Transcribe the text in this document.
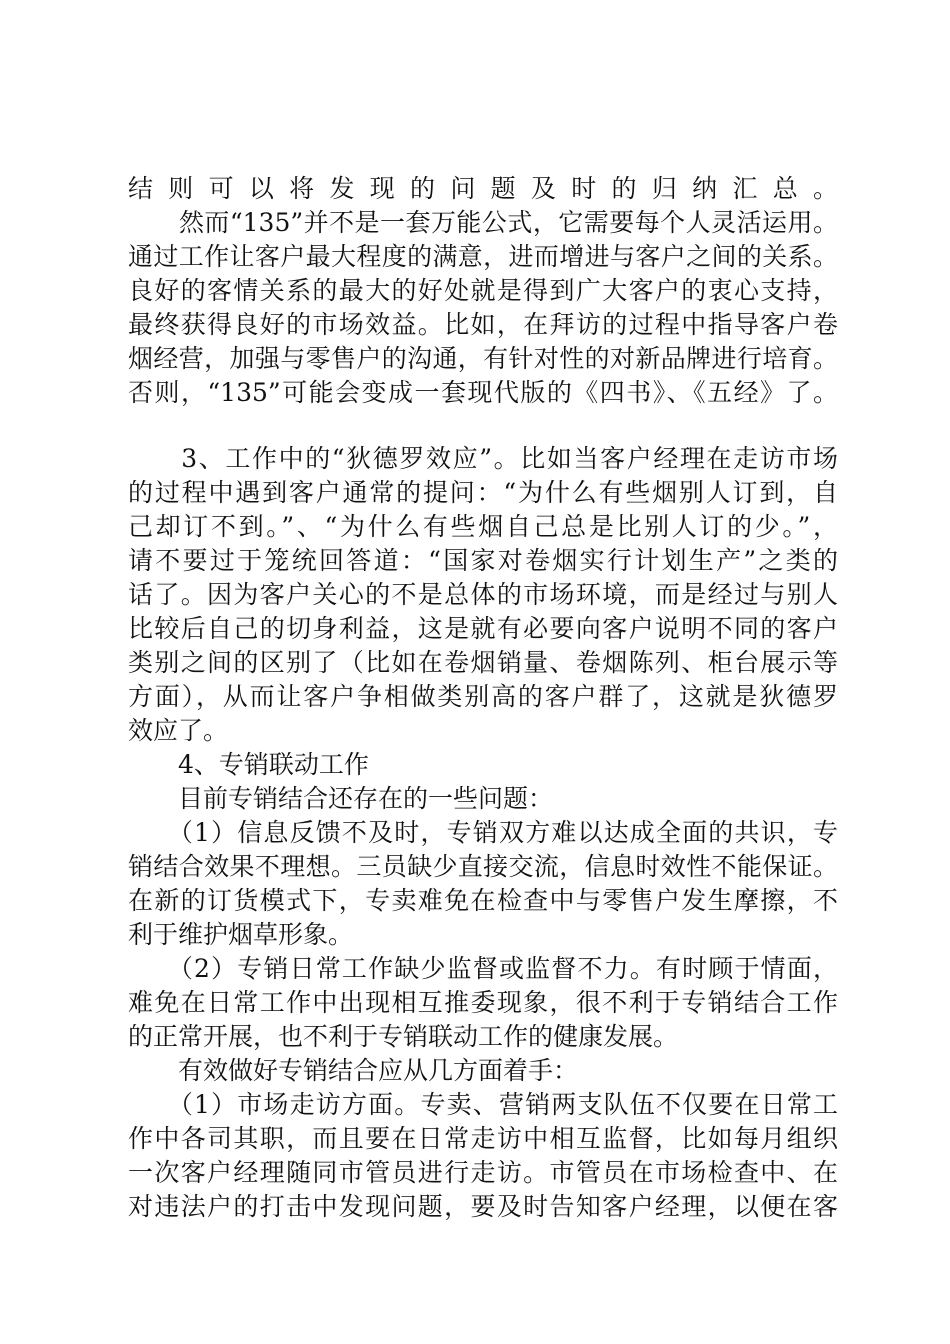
结则可以将发现的问题及时的归纳汇总。
　　然而“135”并不是一套万能公式，它需要每个人灵活运用。
通过工作让客户最大程度的满意，进而增进与客户之间的关系。
良好的客情关系的最大的好处就是得到广大客户的衷心支持，
最终获得良好的市场效益。比如，在拜访的过程中指导客户卷
烟经营，加强与零售户的沟通，有针对性的对新品牌进行培育。
否则，“135”可能会变成一套现代版的《四书》、《五经》了。
　　3、工作中的“狄德罗效应”。比如当客户经理在走访市场
的过程中遇到客户通常的提问：“为什么有些烟别人订到，自
己却订不到。”、“为什么有些烟自己总是比别人订的少。”，
请不要过于笼统回答道：“国家对卷烟实行计划生产”之类的
话了。因为客户关心的不是总体的市场环境，而是经过与别人
比较后自己的切身利益，这是就有必要向客户说明不同的客户
类别之间的区别了（比如在卷烟销量、卷烟陈列、柜台展示等
方面），从而让客户争相做类别高的客户群了，这就是狄德罗
效应了。
　　4、专销联动工作
　　目前专销结合还存在的一些问题：
　　（1）信息反馈不及时，专销双方难以达成全面的共识，专
销结合效果不理想。三员缺少直接交流，信息时效性不能保证。
在新的订货模式下，专卖难免在检查中与零售户发生摩擦，不
利于维护烟草形象。
　　（2）专销日常工作缺少监督或监督不力。有时顾于情面，
难免在日常工作中出现相互推委现象，很不利于专销结合工作
的正常开展，也不利于专销联动工作的健康发展。
　　有效做好专销结合应从几方面着手：
　　（1）市场走访方面。专卖、营销两支队伍不仅要在日常工
作中各司其职，而且要在日常走访中相互监督，比如每月组织
一次客户经理随同市管员进行走访。市管员在市场检查中、在
对违法户的打击中发现问题，要及时告知客户经理，以便在客
